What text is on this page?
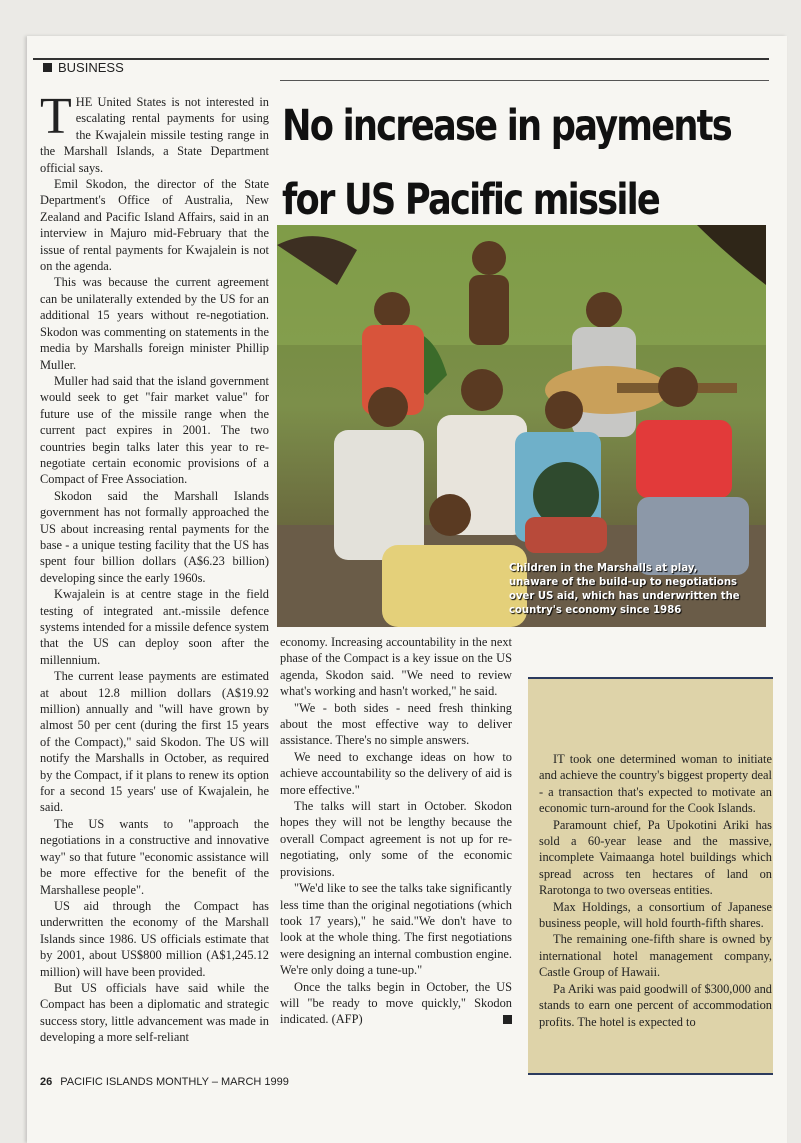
BUSINESS
No increase in payments for US Pacific missile

THE United States is not interested in escalating rental payments for using the Kwajalein missile testing range in the Marshall Islands, a State Department official says.

Emil Skodon, the director of the State Department's Office of Australia, New Zealand and Pacific Island Affairs, said in an interview in Majuro mid-February that the issue of rental payments for Kwajalein is not on the agenda.

This was because the current agreement can be unilaterally extended by the US for an additional 15 years without re-negotiation. Skodon was commenting on statements in the media by Marshalls foreign minister Phillip Muller.

Muller had said that the island government would seek to get "fair market value" for future use of the missile range when the current pact expires in 2001. The two countries begin talks later this year to re-negotiate certain economic provisions of a Compact of Free Association.

Skodon said the Marshall Islands government has not formally approached the US about increasing rental payments for the base - a unique testing facility that the US has spent four billion dollars (A$6.23 billion) developing since the early 1960s.

Kwajalein is at centre stage in the field testing of integrated ant.-missile defence systems intended for a missile defence system that the US can deploy soon after the millennium.

The current lease payments are estimated at about 12.8 million dollars (A$19.92 million) annually and "will have grown by almost 50 per cent (during the first 15 years of the Compact)," said Skodon. The US will notify the Marshalls in October, as required by the Compact, if it plans to renew its option for a second 15 years' use of Kwajalein, he said.

The US wants to "approach the negotiations in a constructive and innovative way" so that future "economic assistance will be more effective for the benefit of the Marshallese people".

US aid through the Compact has underwritten the economy of the Marshall Islands since 1986. US officials estimate that by 2001, about US$800 million (A$1,245.12 million) will have been provided.

But US officials have said while the Compact has been a diplomatic and strategic success story, little advancement was made in developing a more self-reliant

Children in the Marshalls at play, unaware of the build-up to negotiations over US aid, which has underwritten the country's economy since 1986

economy. Increasing accountability in the next phase of the Compact is a key issue on the US agenda, Skodon said. "We need to review what's working and hasn't worked," he said.

"We - both sides - need fresh thinking about the most effective way to deliver assistance. There's no simple answers.

We need to exchange ideas on how to achieve accountability so the delivery of aid is more effective."

The talks will start in October. Skodon hopes they will not be lengthy because the overall Compact agreement is not up for re-negotiating, only some of the economic provisions.

"We'd like to see the talks take significantly less time than the original negotiations (which took 17 years)," he said."We don't have to look at the whole thing. The first negotiations were designing an internal combustion engine. We're only doing a tune-up."

Once the talks begin in October, the US will "be ready to move quickly," Skodon indicated. (AFP)

IT took one determined woman to initiate and achieve the country's biggest property deal - a transaction that's expected to motivate an economic turn-around for the Cook Islands.

Paramount chief, Pa Upokotini Ariki has sold a 60-year lease and the massive, incomplete Vaimaanga hotel buildings which spread across ten hectares of land on Rarotonga to two overseas entities.

Max Holdings, a consortium of Japanese business people, will hold fourth-fifth shares.

The remaining one-fifth share is owned by international hotel management company, Castle Group of Hawaii.

Pa Ariki was paid goodwill of $300,000 and stands to earn one percent of accommodation profits. The hotel is expected to

26 PACIFIC ISLANDS MONTHLY – MARCH 1999
